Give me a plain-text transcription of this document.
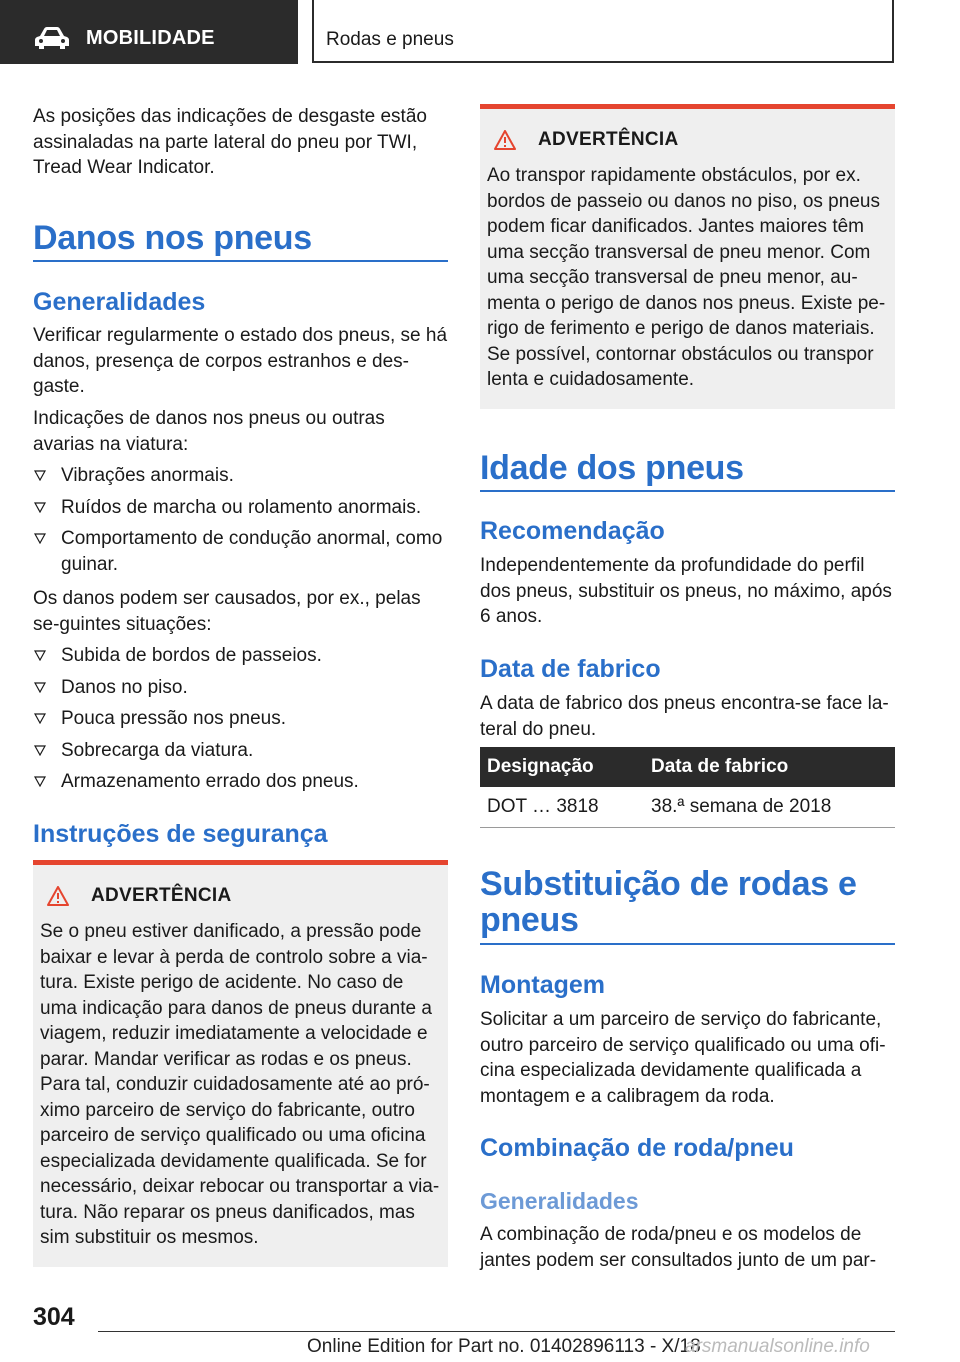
MOBILIDADE	Rodas e pneus

As posições das indicações de desgaste estão assinaladas na parte lateral do pneu por TWI, Tread Wear Indicator.

Danos nos pneus
Generalidades

Verificar regularmente o estado dos pneus, se há danos, presença de corpos estranhos e des-gaste.

Indicações de danos nos pneus ou outras avarias na viatura:

Vibrações anormais.
Ruídos de marcha ou rolamento anormais.
Comportamento de condução anormal, como guinar.

Os danos podem ser causados, por ex., pelas se-guintes situações:

Subida de bordos de passeios.
Danos no piso.
Pouca pressão nos pneus.
Sobrecarga da viatura.
Armazenamento errado dos pneus.
Instruções de segurança
ADVERTÊNCIA
Se o pneu estiver danificado, a pressão pode baixar e levar à perda de controlo sobre a via-tura. Existe perigo de acidente. No caso de uma indicação para danos de pneus durante a viagem, reduzir imediatamente a velocidade e parar. Mandar verificar as rodas e os pneus. Para tal, conduzir cuidadosamente até ao pró-ximo parceiro de serviço do fabricante, outro parceiro de serviço qualificado ou uma oficina especializada devidamente qualificada. Se for necessário, deixar rebocar ou transportar a via-tura. Não reparar os pneus danificados, mas sim substituir os mesmos.
ADVERTÊNCIA
Ao transpor rapidamente obstáculos, por ex. bordos de passeio ou danos no piso, os pneus podem ficar danificados. Jantes maiores têm uma secção transversal de pneu menor. Com uma secção transversal de pneu menor, au-menta o perigo de danos nos pneus. Existe pe-rigo de ferimento e perigo de danos materiais. Se possível, contornar obstáculos ou transpor lenta e cuidadosamente.
Idade dos pneus
Recomendação

Independentemente da profundidade do perfil dos pneus, substituir os pneus, no máximo, após 6 anos.

Data de fabrico

A data de fabrico dos pneus encontra-se face la-teral do pneu.

Designação	Data de fabrico
DOT … 3818	38.ª semana de 2018
Substituição de rodas e pneus
Montagem

Solicitar a um parceiro de serviço do fabricante, outro parceiro de serviço qualificado ou uma ofi-cina especializada devidamente qualificada a montagem e a calibragem da roda.

Combinação de roda/pneu
Generalidades

A combinação de roda/pneu e os modelos de jantes podem ser consultados junto de um par-

304
Online Edition for Part no. 01402896113 - X/18
arsmanualsonline.info
